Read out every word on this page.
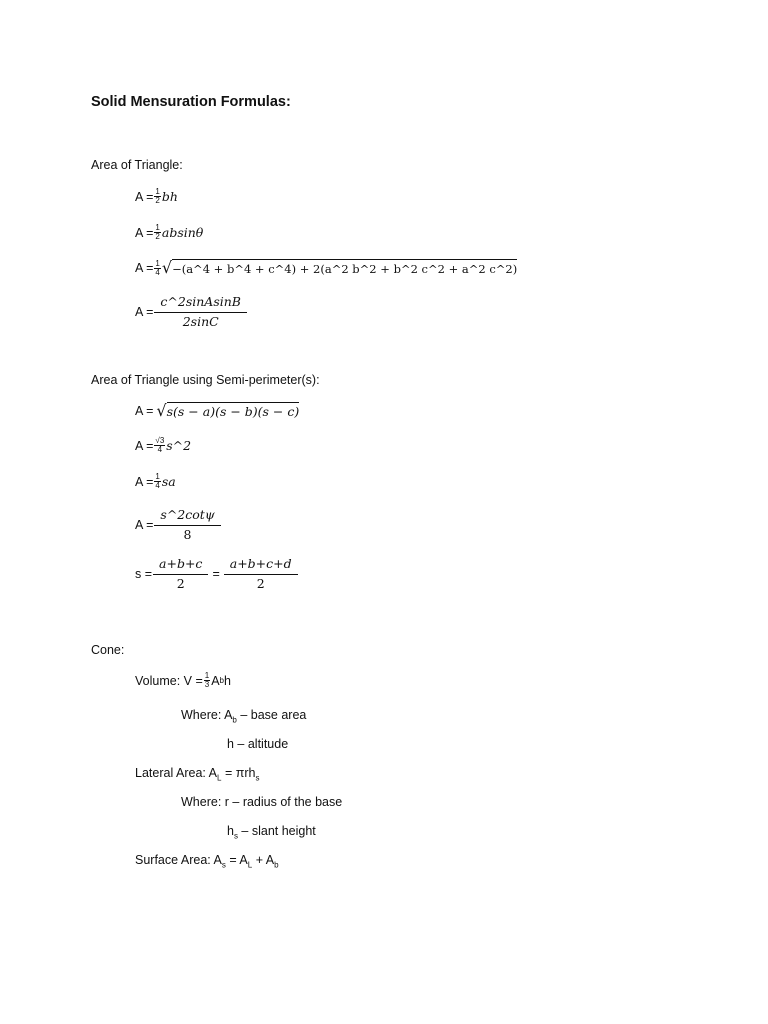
Solid Mensuration Formulas:
Area of Triangle:
$A = \frac{1}{2}$ bh
$A = \frac{1}{2}$ absinθ
$A = \frac{1}{4}$ √ −(a^4 + b^4 + c^4) + 2(a^2 b^2 + b^2 c^2 + a^2 c^2)
$A = \frac{\text{c\textasciicircum{}2sinAsinB}}{2\sin C}$
Area of Triangle using Semi-perimeter(s):
A = √ s(s − a)(s − b)(s − c)
$A = \frac{√3}{4}$ s^2
$A = \frac{1}{4}$ sa
$A = \frac{s\^{}2\cot\psi}{8}$
$s = \frac{a+b+c}{2} = \frac{a+b+c+d}{2}$
Cone:
Volume: $V = \frac{1}{3}$ A b h
Where: $A_b$ – base area
h – altitude
Lateral Area: $A_L = \pi rh_s$
Where: r – radius of the base
$h_s$ – slant height
Surface Area: $A_s = A_L + A_b$
